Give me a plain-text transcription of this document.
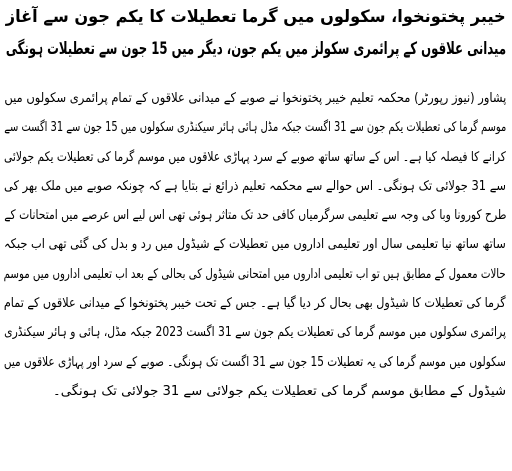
خیبر پختونخوا، سکولوں میں گرما تعطیلات کا یکم جون سے آغاز
میدانی علاقوں کے پرائمری سکولز میں یکم جون، دیگر میں 15 جون سے تعطیلات ہونگی
پشاور (نیوز رپورٹر) محکمہ تعلیم خیبر پختونخوا نے صوبے کے میدانی علاقوں کے تمام پرائمری سکولوں میں
موسم گرما کی تعطیلات یکم جون سے 31 اگست جبکہ مڈل ہائی ہائر سیکنڈری سکولوں میں 15 جون سے 31 اگست سے
کرانے کا فیصلہ کیا ہے۔ اس کے ساتھ ساتھ صوبے کے سرد پہاڑی علاقوں میں موسم گرما کی تعطیلات یکم جولائی
سے 31 جولائی تک ہونگی۔ اس حوالے سے محکمہ تعلیم ذرائع نے بتایا ہے کہ چونکہ صوبے میں ملک بھر کی
طرح کورونا وبا کی وجہ سے تعلیمی سرگرمیاں کافی حد تک متاثر ہوئی تھی اس لیے اس عرصے میں امتحانات کے
ساتھ ساتھ نیا تعلیمی سال اور تعلیمی اداروں میں تعطیلات کے شیڈول میں رد و بدل کی گئی تھی اب جبکہ
حالات معمول کے مطابق ہیں تو اب تعلیمی اداروں میں امتحانی شیڈول کی بحالی کے بعد اب تعلیمی اداروں میں موسم
گرما کی تعطیلات کا شیڈول بھی بحال کر دیا گیا ہے۔ جس کے تحت خیبر پختونخوا کے میدانی علاقوں کے تمام
پرائمری سکولوں میں موسم گرما کی تعطیلات یکم جون سے 31 اگست 2023 جبکہ مڈل، ہائی و ہائر سیکنڈری
سکولوں میں موسم گرما کی یہ تعطیلات 15 جون سے 31 اگست تک ہونگی۔ صوبے کے سرد اور پہاڑی علاقوں میں
شیڈول کے مطابق موسم گرما کی تعطیلات یکم جولائی سے 31 جولائی تک ہونگی۔
